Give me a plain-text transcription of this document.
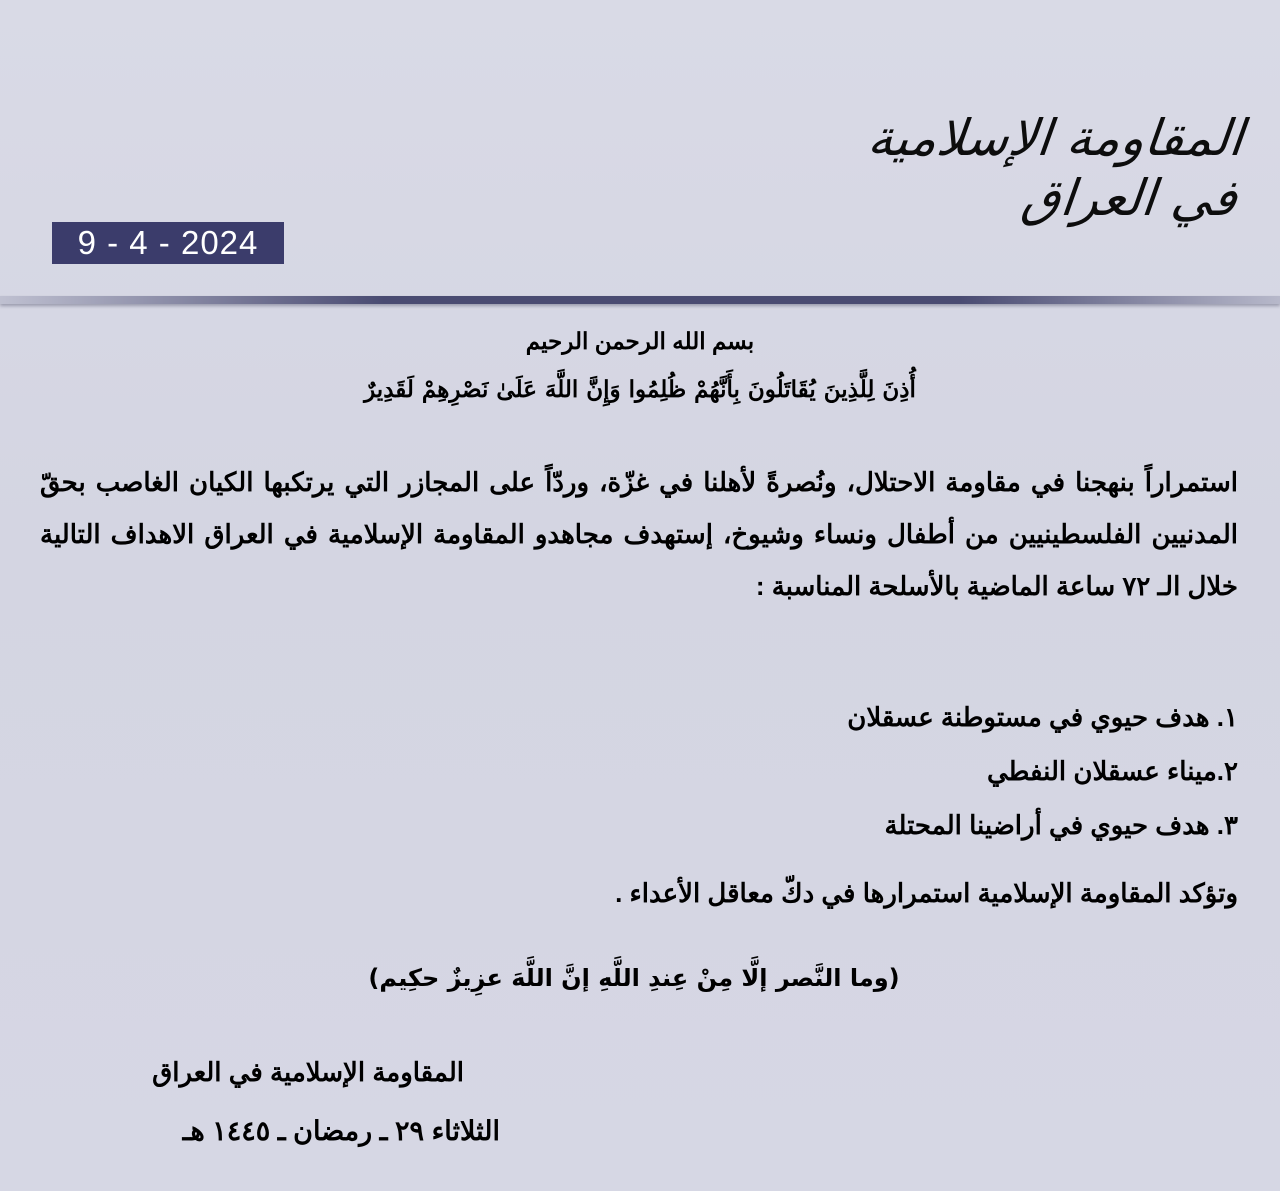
المقاومة الإسلامية في العراق
9 - 4 - 2024
بسم الله الرحمن الرحيم
أُذِنَ لِلَّذِينَ يُقَاتَلُونَ بِأَنَّهُمْ ظُلِمُوا وَإِنَّ اللَّهَ عَلَىٰ نَصْرِهِمْ لَقَدِيرٌ
استمراراً بنهجنا في مقاومة الاحتلال، ونُصرةً لأهلنا في غزّة، وردّاً على المجازر التي يرتكبها الكيان الغاصب بحقّ المدنيين الفلسطينيين من أطفال ونساء وشيوخ، إستهدف مجاهدو المقاومة الإسلامية في العراق الاهداف التالية خلال الـ ٧٢ ساعة الماضية بالأسلحة المناسبة :
١. هدف حيوي في مستوطنة عسقلان
٢.ميناء عسقلان النفطي
٣. هدف حيوي في أراضينا المحتلة
وتؤكد المقاومة الإسلامية استمرارها في دكّ معاقل الأعداء .
(وما النَّصر إلَّا مِنْ عِندِ اللَّهِ إنَّ اللَّهَ عزِيزٌ حكِيم)
المقاومة الإسلامية في العراق
الثلاثاء ٢٩ ـ رمضان ـ ١٤٤٥ هـ
